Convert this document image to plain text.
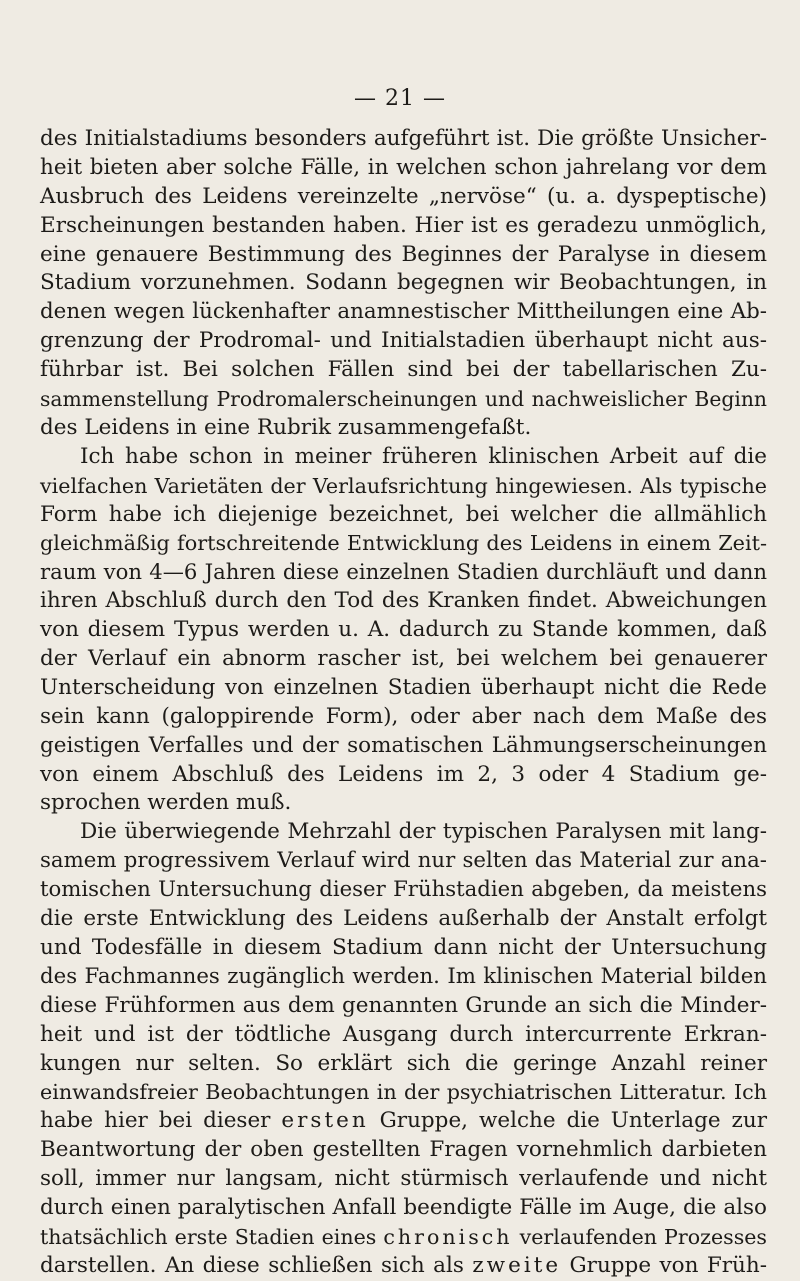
— 21 —
des Initialstadiums besonders aufgeführt ist. Die größte Unsicher-
heit bieten aber solche Fälle, in welchen schon jahrelang vor dem
Ausbruch des Leidens vereinzelte „nervöse“ (u. a. dyspeptische)
Erscheinungen bestanden haben. Hier ist es geradezu unmöglich,
eine genauere Bestimmung des Beginnes der Paralyse in diesem
Stadium vorzunehmen. Sodann begegnen wir Beobachtungen, in
denen wegen lückenhafter anamnestischer Mittheilungen eine Ab-
grenzung der Prodromal- und Initialstadien überhaupt nicht aus-
führbar ist. Bei solchen Fällen sind bei der tabellarischen Zu-
sammenstellung Prodromalerscheinungen und nachweislicher Beginn
des Leidens in eine Rubrik zusammengefaßt.
Ich habe schon in meiner früheren klinischen Arbeit auf die
vielfachen Varietäten der Verlaufsrichtung hingewiesen. Als typische
Form habe ich diejenige bezeichnet, bei welcher die allmählich
gleichmäßig fortschreitende Entwicklung des Leidens in einem Zeit-
raum von 4—6 Jahren diese einzelnen Stadien durchläuft und dann
ihren Abschluß durch den Tod des Kranken findet. Abweichungen
von diesem Typus werden u. A. dadurch zu Stande kommen, daß
der Verlauf ein abnorm rascher ist, bei welchem bei genauerer
Unterscheidung von einzelnen Stadien überhaupt nicht die Rede
sein kann (galoppirende Form), oder aber nach dem Maße des
geistigen Verfalles und der somatischen Lähmungserscheinungen
von einem Abschluß des Leidens im 2, 3 oder 4 Stadium ge-
sprochen werden muß.
Die überwiegende Mehrzahl der typischen Paralysen mit lang-
samem progressivem Verlauf wird nur selten das Material zur ana-
tomischen Untersuchung dieser Frühstadien abgeben, da meistens
die erste Entwicklung des Leidens außerhalb der Anstalt erfolgt
und Todesfälle in diesem Stadium dann nicht der Untersuchung
des Fachmannes zugänglich werden. Im klinischen Material bilden
diese Frühformen aus dem genannten Grunde an sich die Minder-
heit und ist der tödtliche Ausgang durch intercurrente Erkran-
kungen nur selten. So erklärt sich die geringe Anzahl reiner
einwandsfreier Beobachtungen in der psychiatrischen Litteratur. Ich
habe hier bei dieser ersten Gruppe, welche die Unterlage zur
Beantwortung der oben gestellten Fragen vornehmlich darbieten
soll, immer nur langsam, nicht stürmisch verlaufende und nicht
durch einen paralytischen Anfall beendigte Fälle im Auge, die also
thatsächlich erste Stadien eines chronisch verlaufenden Prozesses
darstellen. An diese schließen sich als zweite Gruppe von Früh-
